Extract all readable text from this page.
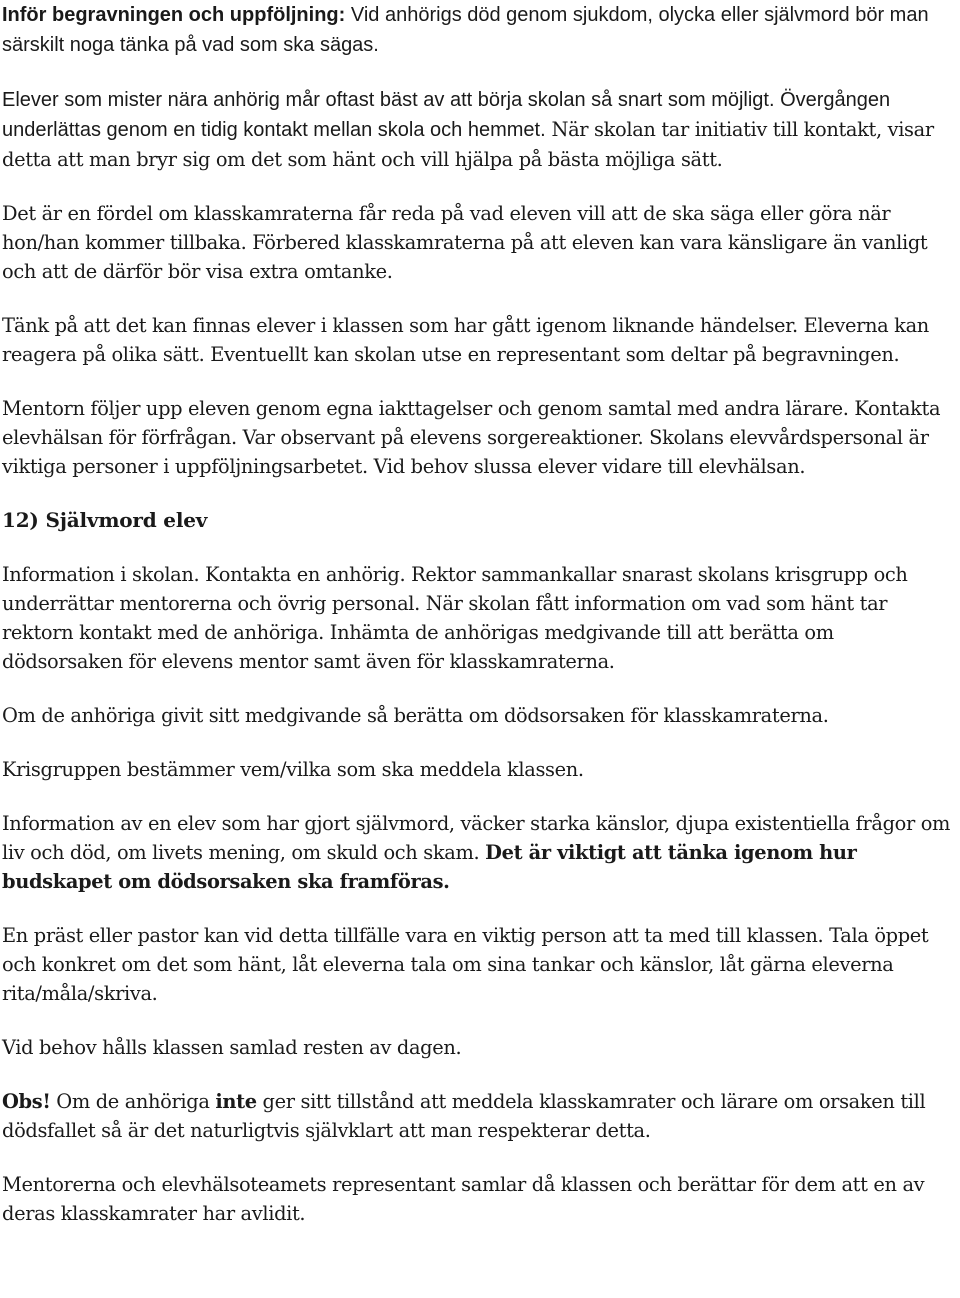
Inför begravningen och uppföljning: Vid anhörigs död genom sjukdom, olycka eller självmord bör man särskilt noga tänka på vad som ska sägas.

Elever som mister nära anhörig mår oftast bäst av att börja skolan så snart som möjligt. Övergången underlättas genom en tidig kontakt mellan skola och hemmet. När skolan tar initiativ till kontakt, visar detta att man bryr sig om det som hänt och vill hjälpa på bästa möjliga sätt.

Det är en fördel om klasskamraterna får reda på vad eleven vill att de ska säga eller göra när hon/han kommer tillbaka. Förbered klasskamraterna på att eleven kan vara känsligare än vanligt och att de därför bör visa extra omtanke.

Tänk på att det kan finnas elever i klassen som har gått igenom liknande händelser. Eleverna kan reagera på olika sätt. Eventuellt kan skolan utse en representant som deltar på begravningen.

Mentorn följer upp eleven genom egna iakttagelser och genom samtal med andra lärare. Kontakta elevhälsan för förfrågan. Var observant på elevens sorgereaktioner. Skolans elevvårdspersonal är viktiga personer i uppföljningsarbetet. Vid behov slussa elever vidare till elevhälsan.

12) Självmord elev

Information i skolan. Kontakta en anhörig. Rektor sammankallar snarast skolans krisgrupp och underrättar mentorerna och övrig personal. När skolan fått information om vad som hänt tar rektorn kontakt med de anhöriga. Inhämta de anhörigas medgivande till att berätta om dödsorsaken för elevens mentor samt även för klasskamraterna.

Om de anhöriga givit sitt medgivande så berätta om dödsorsaken för klasskamraterna.

Krisgruppen bestämmer vem/vilka som ska meddela klassen.

Information av en elev som har gjort självmord, väcker starka känslor, djupa existentiella frågor om liv och död, om livets mening, om skuld och skam. Det är viktigt att tänka igenom hur budskapet om dödsorsaken ska framföras.

En präst eller pastor kan vid detta tillfälle vara en viktig person att ta med till klassen. Tala öppet och konkret om det som hänt, låt eleverna tala om sina tankar och känslor, låt gärna eleverna rita/måla/skriva.

Vid behov hålls klassen samlad resten av dagen.

Obs! Om de anhöriga inte ger sitt tillstånd att meddela klasskamrater och lärare om orsaken till dödsfallet så är det naturligtvis självklart att man respekterar detta.

Mentorerna och elevhälsoteamets representant samlar då klassen och berättar för dem att en av deras klasskamrater har avlidit.
